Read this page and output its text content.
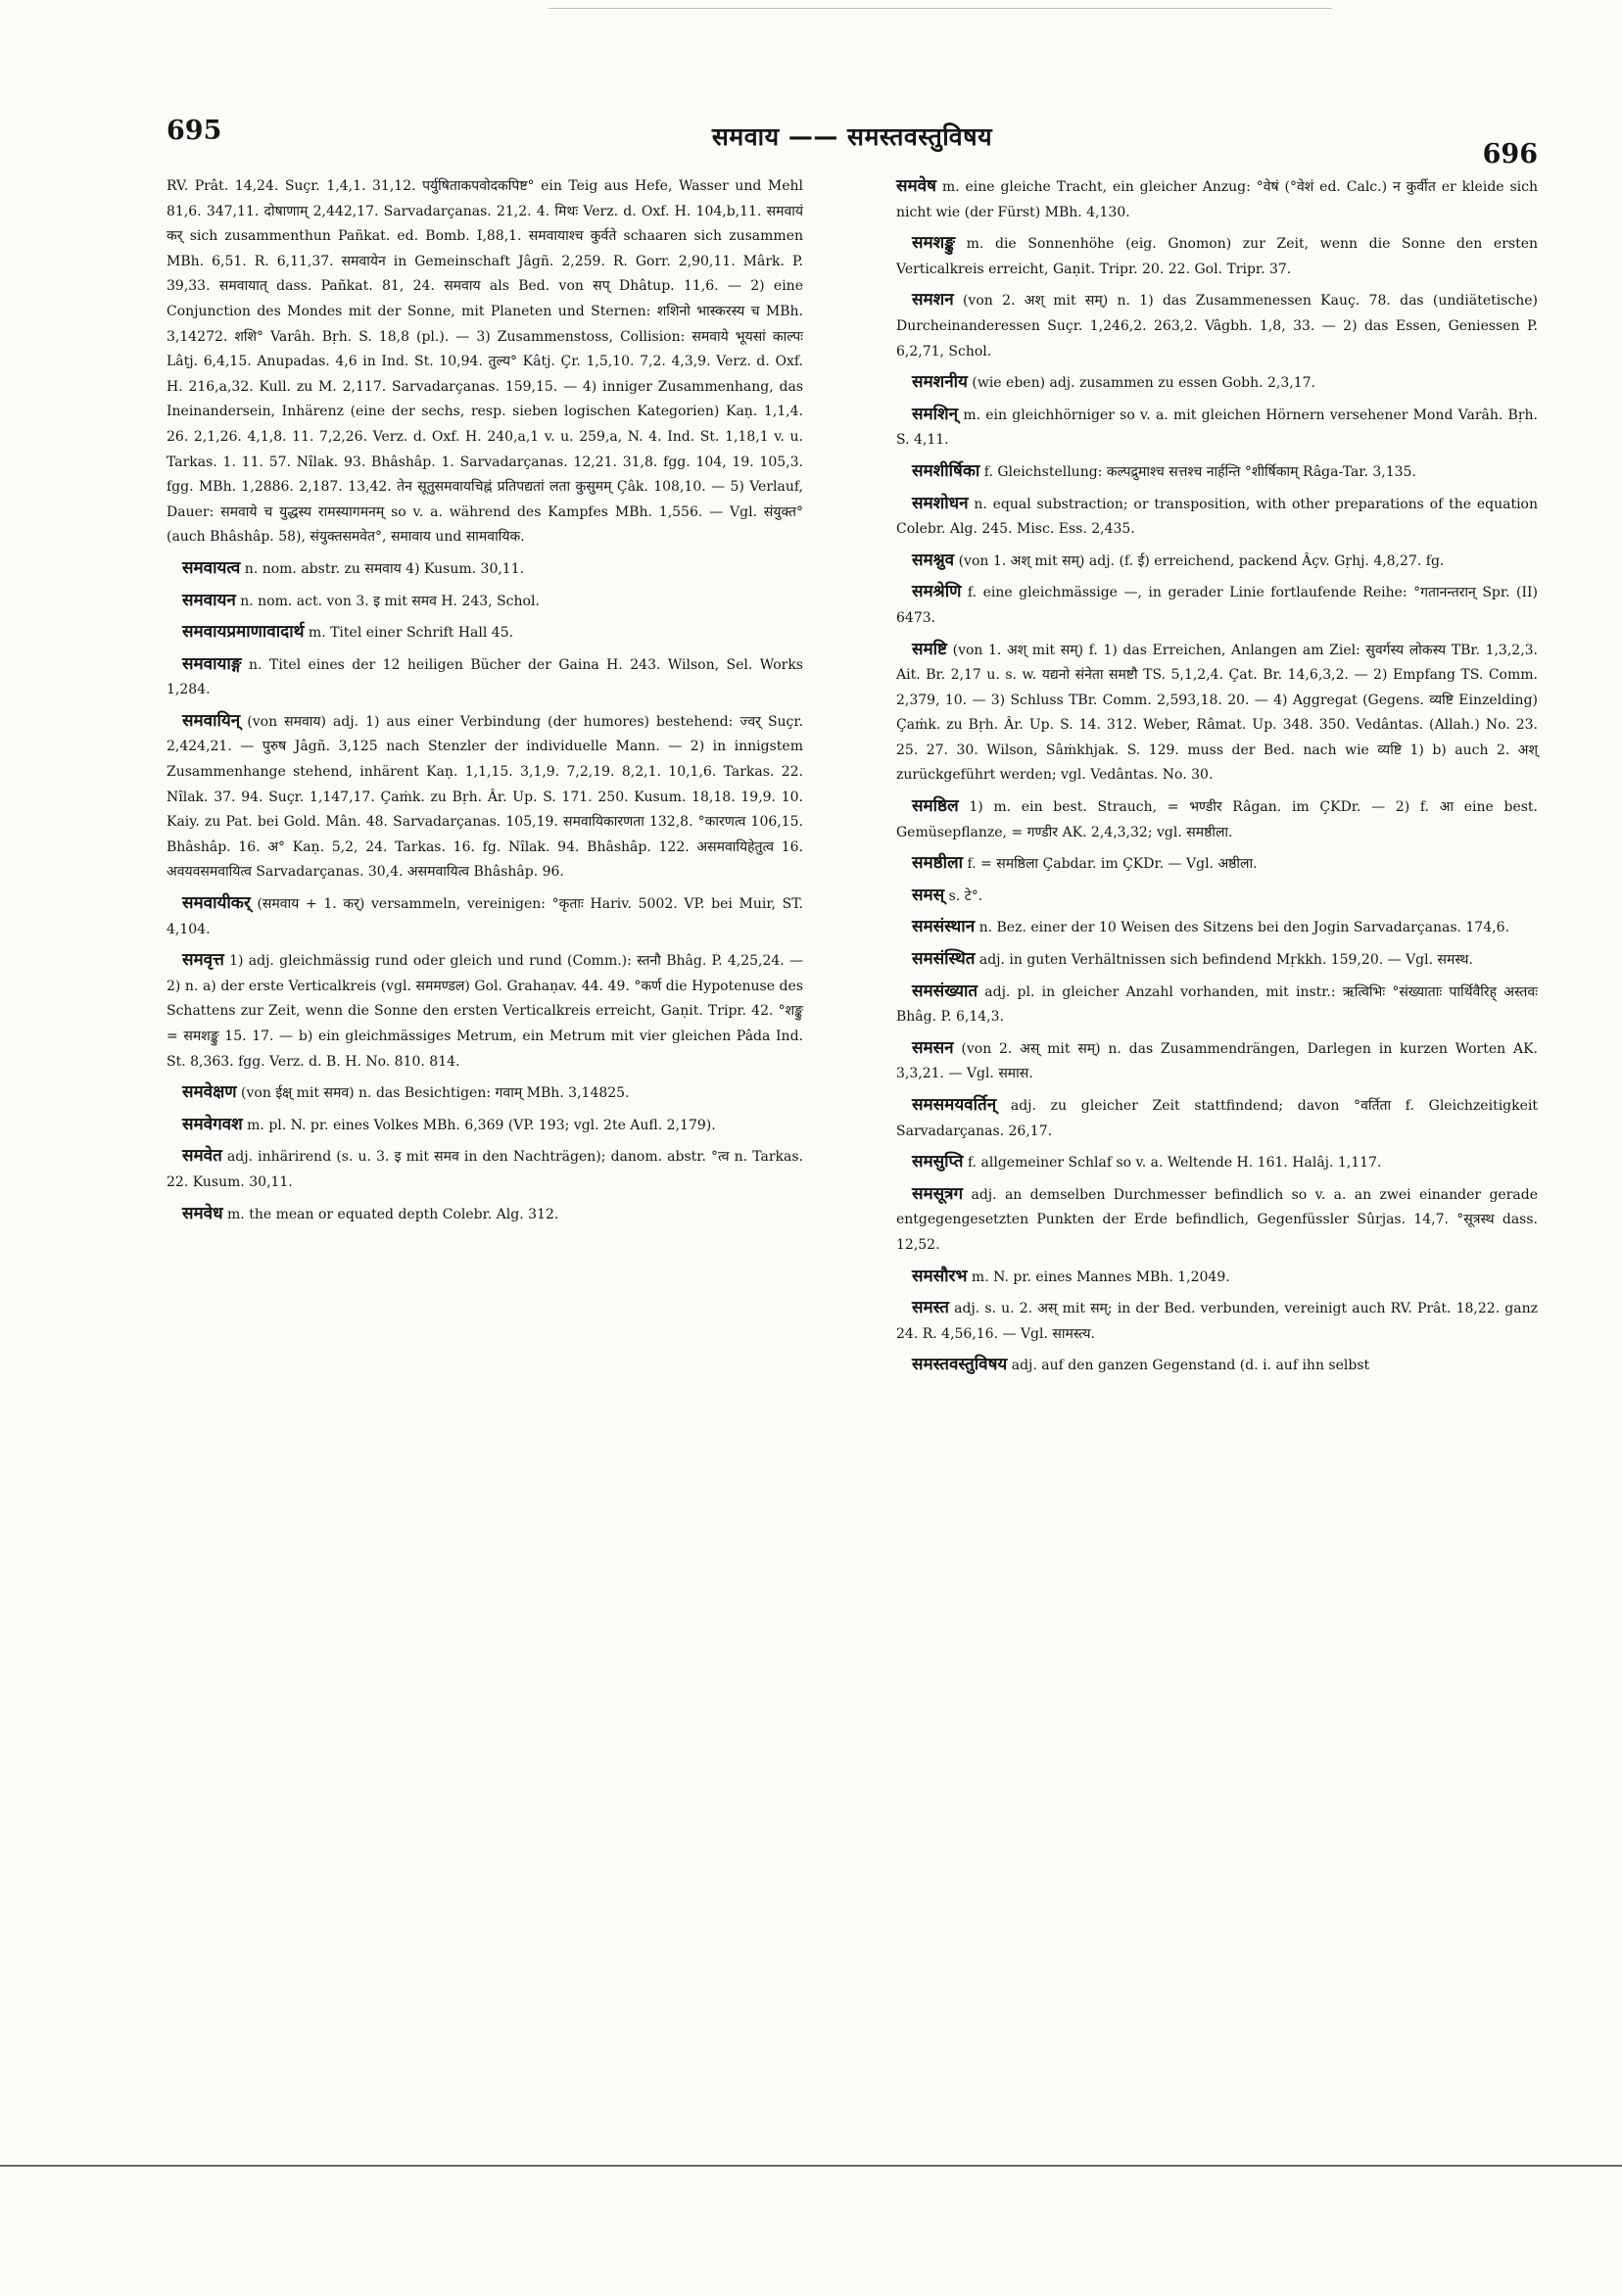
695	समवाय —— समस्तवस्तुविषय
696

RV. Prât. 14,24. Suçr. 1,4,1. 31,12. पर्युषिताकपवोदकपिष्ट° ein Teig aus Hefe, Wasser und Mehl 81,6. 347,11. दोषाणाम् 2,442,17. Sarvadarçanas. 21,2. 4. मिथः Verz. d. Oxf. H. 104,b,11. समवायं कर् sich zusammenthun Pañkat. ed. Bomb. I,88,1. समवायाश्च कुर्वते schaaren sich zusammen MBh. 6,51. R. 6,11,37. समवायेन in Gemeinschaft Jâgñ. 2,259. R. Gorr. 2,90,11. Mârk. P. 39,33. समवायात् dass. Pañkat. 81, 24. समवाय als Bed. von सप् Dhâtup. 11,6. — 2) eine Conjunction des Mondes mit der Sonne, mit Planeten und Sternen: शशिनो भास्करस्य च MBh. 3,14272. शशि° Varâh. Bṛh. S. 18,8 (pl.). — 3) Zusammenstoss, Collision: समवाये भूयसां काल्पः Lâṭj. 6,4,15. Anupadas. 4,6 in Ind. St. 10,94. तुल्य° Kâtj. Çr. 1,5,10. 7,2. 4,3,9. Verz. d. Oxf. H. 216,a,32. Kull. zu M. 2,117. Sarvadarçanas. 159,15. — 4) inniger Zusammenhang, das Ineinandersein, Inhärenz (eine der sechs, resp. sieben logischen Kategorien) Kaṇ. 1,1,4. 26. 2,1,26. 4,1,8. 11. 7,2,26. Verz. d. Oxf. H. 240,a,1 v. u. 259,a, N. 4. Ind. St. 1,18,1 v. u. Tarkas. 1. 11. 57. Nîlak. 93. Bhâshâp. 1. Sarvadarçanas. 12,21. 31,8. fgg. 104, 19. 105,3. fgg. MBh. 1,2886. 2,187. 13,42. तेन सूतुसमवायचिह्नं प्रतिपद्यतां लता कुसुमम् Çâk. 108,10. — 5) Verlauf, Dauer: समवाये च युद्धस्य रामस्यागमनम् so v. a. während des Kampfes MBh. 1,556. — Vgl. संयुक्त° (auch Bhâshâp. 58), संयुक्तसमवेत°, समावाय und सामवायिक.

समवायत्व n. nom. abstr. zu समवाय 4) Kusum. 30,11.

समवायन n. nom. act. von 3. इ mit समव H. 243, Schol.

समवायप्रमाणावादार्थ m. Titel einer Schrift Hall 45.

समवायाङ्ग n. Titel eines der 12 heiligen Bücher der Gaina H. 243. Wilson, Sel. Works 1,284.

समवायिन् (von समवाय) adj. 1) aus einer Verbindung (der humores) bestehend: ज्वर् Suçr. 2,424,21. — पुरुष Jâgñ. 3,125 nach Stenzler der individuelle Mann. — 2) in innigstem Zusammenhange stehend, inhärent Kaṇ. 1,1,15. 3,1,9. 7,2,19. 8,2,1. 10,1,6. Tarkas. 22. Nîlak. 37. 94. Suçr. 1,147,17. Çaṁk. zu Bṛh. Âr. Up. S. 171. 250. Kusum. 18,18. 19,9. 10. Kaiy. zu Pat. bei Gold. Mân. 48. Sarvadarçanas. 105,19. समवायिकारणता 132,8. °कारणत्व 106,15. Bhâshâp. 16. अ° Kaṇ. 5,2, 24. Tarkas. 16. fg. Nîlak. 94. Bhâshâp. 122. असमवायिहेतुत्व 16. अवयवसमवायित्व Sarvadarçanas. 30,4. असमवायित्व Bhâshâp. 96.

समवायीकर् (समवाय + 1. कर्) versammeln, vereinigen: °कृताः Hariv. 5002. VP. bei Muir, ST. 4,104.

समवृत्त 1) adj. gleichmässig rund oder gleich und rund (Comm.): स्तनौ Bhâg. P. 4,25,24. — 2) n. a) der erste Verticalkreis (vgl. सममण्डल) Gol. Grahaṇav. 44. 49. °कर्ण die Hypotenuse des Schattens zur Zeit, wenn die Sonne den ersten Verticalkreis erreicht, Gaṇit. Tripr. 42. °शङ्कु = समशङ्कु 15. 17. — b) ein gleichmässiges Metrum, ein Metrum mit vier gleichen Pâda Ind. St. 8,363. fgg. Verz. d. B. H. No. 810. 814.

समवेक्षण (von ईक्ष् mit समव) n. das Besichtigen: गवाम् MBh. 3,14825.

समवेगवश m. pl. N. pr. eines Volkes MBh. 6,369 (VP. 193; vgl. 2te Aufl. 2,179).

समवेत adj. inhärirend (s. u. 3. इ mit समव in den Nachträgen); danom. abstr. °त्व n. Tarkas. 22. Kusum. 30,11.

समवेध m. the mean or equated depth Colebr. Alg. 312.

समवेष m. eine gleiche Tracht, ein gleicher Anzug: °वेषं (°वेशं ed. Calc.) न कुर्वीत er kleide sich nicht wie (der Fürst) MBh. 4,130.

समशङ्कु m. die Sonnenhöhe (eig. Gnomon) zur Zeit, wenn die Sonne den ersten Verticalkreis erreicht, Gaṇit. Tripr. 20. 22. Gol. Tripr. 37.

समशन (von 2. अश् mit सम्) n. 1) das Zusammenessen Kauç. 78. das (undiätetische) Durcheinanderessen Suçr. 1,246,2. 263,2. Vâgbh. 1,8, 33. — 2) das Essen, Geniessen P. 6,2,71, Schol.

समशनीय (wie eben) adj. zusammen zu essen Gobh. 2,3,17.

समशिन् m. ein gleichhörniger so v. a. mit gleichen Hörnern versehener Mond Varâh. Bṛh. S. 4,11.

समशीर्षिका f. Gleichstellung: कल्पद्रुमाश्च सत्तश्च नार्हन्ति °शीर्षिकाम् Râga-Tar. 3,135.

समशोधन n. equal substraction; or transposition, with other preparations of the equation Colebr. Alg. 245. Misc. Ess. 2,435.

समश्नुव (von 1. अश् mit सम्) adj. (f. ई) erreichend, packend Âçv. Gṛhj. 4,8,27. fg.

समश्रेणि f. eine gleichmässige —, in gerader Linie fortlaufende Reihe: °गतानन्तरान् Spr. (II) 6473.

समष्टि (von 1. अश् mit सम्) f. 1) das Erreichen, Anlangen am Ziel: सुवर्गस्य लोकस्य TBr. 1,3,2,3. Ait. Br. 2,17 u. s. w. यद्यनो संनेता समष्टौ TS. 5,1,2,4. Çat. Br. 14,6,3,2. — 2) Empfang TS. Comm. 2,379, 10. — 3) Schluss TBr. Comm. 2,593,18. 20. — 4) Aggregat (Gegens. व्यष्टि Einzelding) Çaṁk. zu Bṛh. Âr. Up. S. 14. 312. Weber, Râmat. Up. 348. 350. Vedântas. (Allah.) No. 23. 25. 27. 30. Wilson, Sâṁkhjak. S. 129. muss der Bed. nach wie व्यष्टि 1) b) auch 2. अश् zurückgeführt werden; vgl. Vedântas. No. 30.

समष्ठिल 1) m. ein best. Strauch, = भण्डीर Râgan. im ÇKDr. — 2) f. आ eine best. Gemüsepflanze, = गण्डीर AK. 2,4,3,32; vgl. समष्ठीला.

समष्ठीला f. = समष्ठिला Çabdar. im ÇKDr. — Vgl. अष्ठीला.

समस् s. टे°.

समसंस्थान n. Bez. einer der 10 Weisen des Sitzens bei den Jogin Sarvadarçanas. 174,6.

समसंस्थित adj. in guten Verhältnissen sich befindend Mṛkkh. 159,20. — Vgl. समस्थ.

समसंख्यात adj. pl. in gleicher Anzahl vorhanden, mit instr.: ऋत्विभिः °संख्याताः पार्थिवैरिह् अस्तवः Bhâg. P. 6,14,3.

समसन (von 2. अस् mit सम्) n. das Zusammendrängen, Darlegen in kurzen Worten AK. 3,3,21. — Vgl. समास.

समसमयवर्तिन् adj. zu gleicher Zeit stattfindend; davon °वर्तिता f. Gleichzeitigkeit Sarvadarçanas. 26,17.

समसुप्ति f. allgemeiner Schlaf so v. a. Weltende H. 161. Halâj. 1,117.

समसूत्रग adj. an demselben Durchmesser befindlich so v. a. an zwei einander gerade entgegengesetzten Punkten der Erde befindlich, Gegenfüssler Sûrjas. 14,7. °सूत्रस्थ dass. 12,52.

समसौरभ m. N. pr. eines Mannes MBh. 1,2049.

समस्त adj. s. u. 2. अस् mit सम्; in der Bed. verbunden, vereinigt auch RV. Prât. 18,22. ganz 24. R. 4,56,16. — Vgl. सामस्त्य.

समस्तवस्तुविषय adj. auf den ganzen Gegenstand (d. i. auf ihn selbst
